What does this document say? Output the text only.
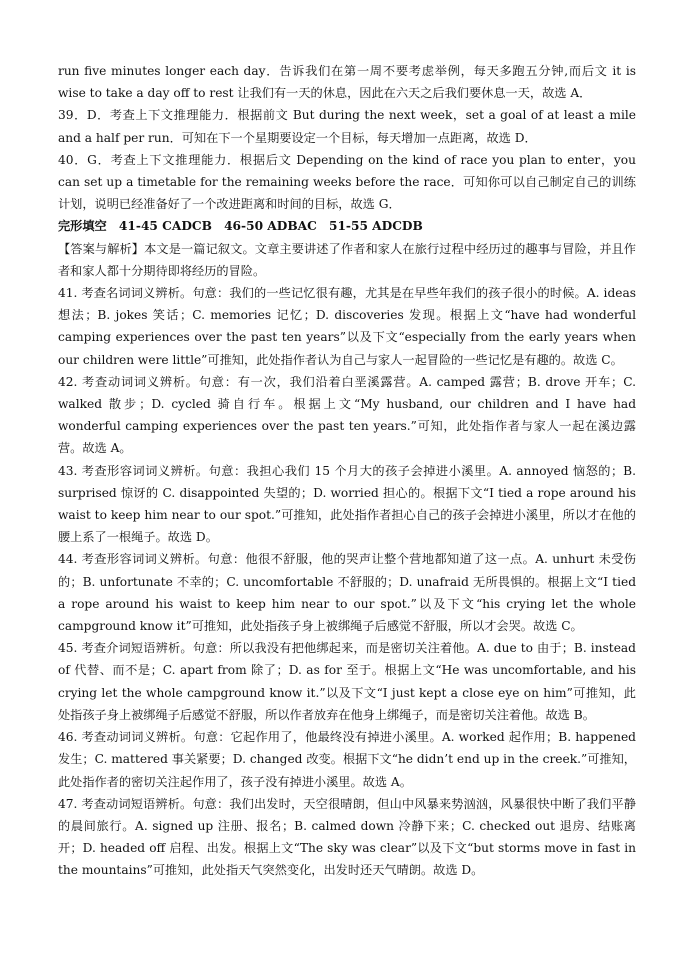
run five minutes longer each day．告诉我们在第一周不要考虑举例，每天多跑五分钟,而后文 it is wise to take a day off to rest 让我们有一天的休息，因此在六天之后我们要休息一天，故选 A．

39．D．考查上下文推理能力．根据前文 But during the next week，set a goal of at least a mile and a half per run．可知在下一个星期要设定一个目标，每天增加一点距离，故选 D．

40．G．考查上下文推理能力．根据后文 Depending on the kind of race you plan to enter，you can set up a timetable for the remaining weeks before the race．可知你可以自己制定自己的训练计划，说明已经准备好了一个改进距离和时间的目标，故选 G．

完形填空　41-45 CADCB　46-50 ADBAC　51-55 ADCDB

【答案与解析】本文是一篇记叙文。文章主要讲述了作者和家人在旅行过程中经历过的趣事与冒险，并且作者和家人都十分期待即将经历的冒险。

41. 考查名词词义辨析。句意：我们的一些记忆很有趣，尤其是在早些年我们的孩子很小的时候。A. ideas 想法；B. jokes 笑话；C. memories 记忆；D. discoveries 发现。根据上文“have had wonderful camping experiences over the past ten years”以及下文“especially from the early years when our children were little”可推知，此处指作者认为自己与家人一起冒险的一些记忆是有趣的。故选 C。

42. 考查动词词义辨析。句意：有一次，我们沿着白垩溪露营。A. camped 露营；B. drove 开车；C. walked 散步；D. cycled 骑自行车。根据上文“My husband, our children and I have had wonderful camping experiences over the past ten years.”可知，此处指作者与家人一起在溪边露营。故选 A。

43. 考查形容词词义辨析。句意：我担心我们 15 个月大的孩子会掉进小溪里。A. annoyed 恼怒的；B. surprised 惊讶的 C. disappointed 失望的；D. worried 担心的。根据下文“I tied a rope around his waist to keep him near to our spot.”可推知，此处指作者担心自己的孩子会掉进小溪里，所以才在他的腰上系了一根绳子。故选 D。

44. 考查形容词词义辨析。句意：他很不舒服，他的哭声让整个营地都知道了这一点。A. unhurt 未受伤的；B. unfortunate 不幸的；C. uncomfortable 不舒服的；D. unafraid 无所畏惧的。根据上文“I tied a rope around his waist to keep him near to our spot.”以及下文“his crying let the whole campground know it”可推知，此处指孩子身上被绑绳子后感觉不舒服，所以才会哭。故选 C。

45. 考查介词短语辨析。句意：所以我没有把他绑起来，而是密切关注着他。A. due to 由于；B. instead of 代替、而不是；C. apart from 除了；D. as for 至于。根据上文“He was uncomfortable, and his crying let the whole campground know it.”以及下文“I just kept a close eye on him”可推知，此处指孩子身上被绑绳子后感觉不舒服，所以作者放弃在他身上绑绳子，而是密切关注着他。故选 B。

46. 考查动词词义辨析。句意：它起作用了，他最终没有掉进小溪里。A. worked 起作用；B. happened 发生；C. mattered 事关紧要；D. changed 改变。根据下文“he didn’t end up in the creek.”可推知，此处指作者的密切关注起作用了，孩子没有掉进小溪里。故选 A。

47. 考查动词短语辨析。句意：我们出发时，天空很晴朗，但山中风暴来势汹汹，风暴很快中断了我们平静的晨间旅行。A. signed up 注册、报名；B. calmed down 冷静下来；C. checked out 退房、结账离开；D. headed off 启程、出发。根据上文“The sky was clear”以及下文“but storms move in fast in the mountains”可推知，此处指天气突然变化，出发时还天气晴朗。故选 D。
